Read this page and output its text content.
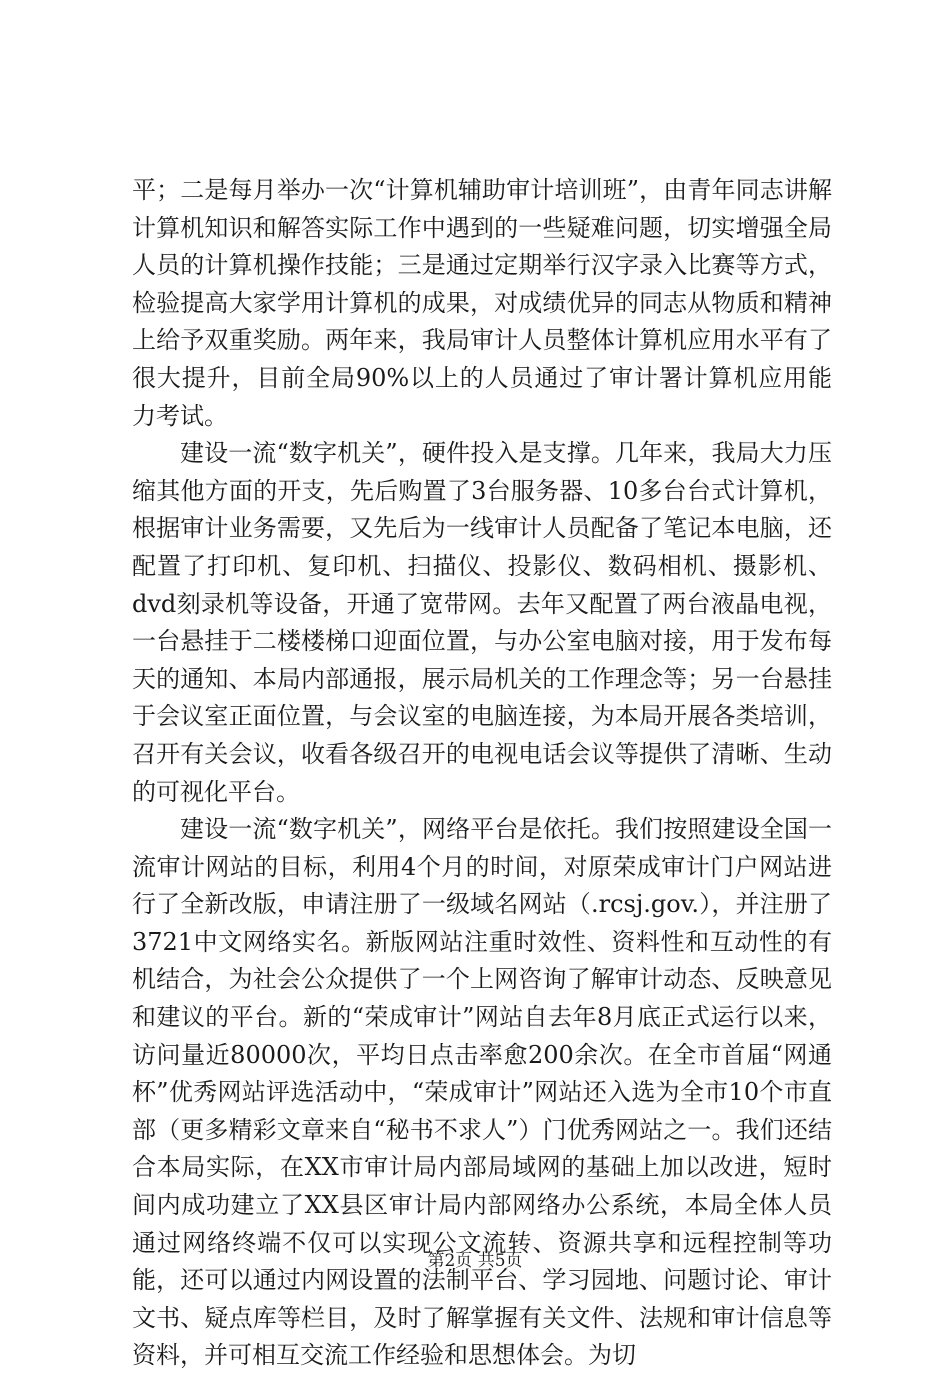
平；二是每月举办一次“计算机辅助审计培训班”，由青年同志讲解计算机知识和解答实际工作中遇到的一些疑难问题，切实增强全局人员的计算机操作技能；三是通过定期举行汉字录入比赛等方式，检验提高大家学用计算机的成果，对成绩优异的同志从物质和精神上给予双重奖励。两年来，我局审计人员整体计算机应用水平有了很大提升，目前全局90%以上的人员通过了审计署计算机应用能力考试。

建设一流“数字机关”，硬件投入是支撑。几年来，我局大力压缩其他方面的开支，先后购置了3台服务器、10多台台式计算机，根据审计业务需要，又先后为一线审计人员配备了笔记本电脑，还配置了打印机、复印机、扫描仪、投影仪、数码相机、摄影机、dvd刻录机等设备，开通了宽带网。去年又配置了两台液晶电视，一台悬挂于二楼楼梯口迎面位置，与办公室电脑对接，用于发布每天的通知、本局内部通报，展示局机关的工作理念等；另一台悬挂于会议室正面位置，与会议室的电脑连接，为本局开展各类培训，召开有关会议，收看各级召开的电视电话会议等提供了清晰、生动的可视化平台。

建设一流“数字机关”，网络平台是依托。我们按照建设全国一流审计网站的目标，利用4个月的时间，对原荣成审计门户网站进行了全新改版，申请注册了一级域名网站（.rcsj.gov.），并注册了3721中文网络实名。新版网站注重时效性、资料性和互动性的有机结合，为社会公众提供了一个上网咨询了解审计动态、反映意见和建议的平台。新的“荣成审计”网站自去年8月底正式运行以来，访问量近80000次，平均日点击率愈200余次。在全市首届“网通杯”优秀网站评选活动中，“荣成审计”网站还入选为全市10个市直部（更多精彩文章来自“秘书不求人”）门优秀网站之一。我们还结合本局实际，在XX市审计局内部局域网的基础上加以改进，短时间内成功建立了XX县区审计局内部网络办公系统，本局全体人员通过网络终端不仅可以实现公文流转、资源共享和远程控制等功能，还可以通过内网设置的法制平台、学习园地、问题讨论、审计文书、疑点库等栏目，及时了解掌握有关文件、法规和审计信息等资料，并可相互交流工作经验和思想体会。为切

第2页 共5页
